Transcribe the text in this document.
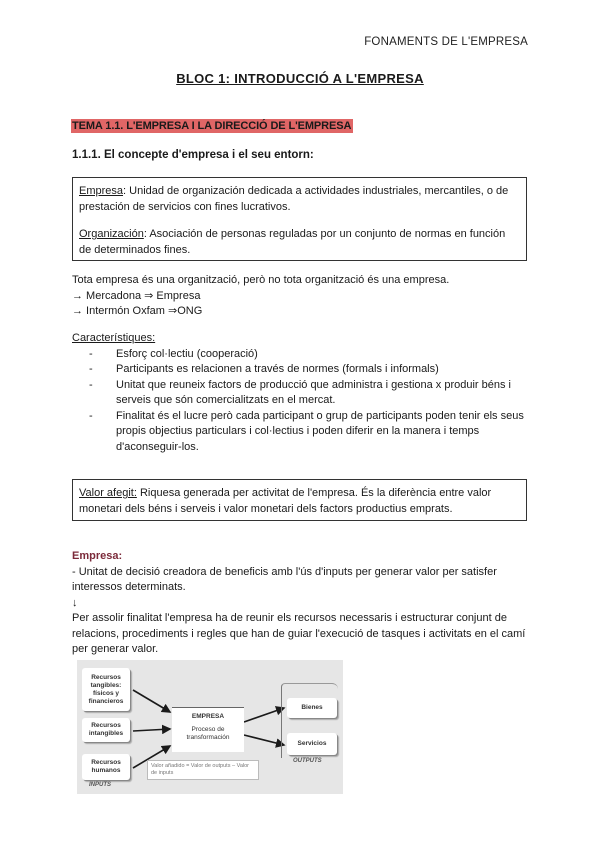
FONAMENTS DE L'EMPRESA
BLOC 1: INTRODUCCIÓ A L'EMPRESA
TEMA 1.1. L'EMPRESA I LA DIRECCIÓ DE L'EMPRESA
1.1.1. El concepte d'empresa i el seu entorn:

Empresa: Unidad de organización dedicada a actividades industriales, mercantiles, o de prestación de servicios con fines lucrativos.

Organización: Asociación de personas reguladas por un conjunto de normas en función de determinados fines.

Tota empresa és una organització, però no tota organització és una empresa.

→ Mercadona ⇒ Empresa

→ Intermón Oxfam ⇒ONG

Característiques:

- Esforç col·lectiu (cooperació)
- Participants es relacionen a través de normes (formals i informals)
- Unitat que reuneix factors de producció que administra i gestiona x produir béns i serveis que són comercialitzats en el mercat.
- Finalitat és el lucre però cada participant o grup de participants poden tenir els seus propis objectius particulars i col·lectius i poden diferir en la manera i temps d'aconseguir-los.
Valor afegit: Riquesa generada per activitat de l'empresa. És la diferència entre valor monetari dels béns i serveis i valor monetari dels factors productius emprats.

Empresa:

- Unitat de decisió creadora de beneficis amb l'ús d'inputs per generar valor per satisfer interessos determinats.

↓

Per assolir finalitat l'empresa ha de reunir els recursos necessaris i estructurar conjunt de relacions, procediments i regles que han de guiar l'execució de tasques i activitats en el camí per generar valor.

Recursos tangibles: físicos y financieros
Recursos intangibles
Recursos humanos
INPUTS
EMPRESA
Proceso de transformación
Valor añadido = Valor de outputs – Valor de inputs
Bienes
Servicios
OUTPUTS
